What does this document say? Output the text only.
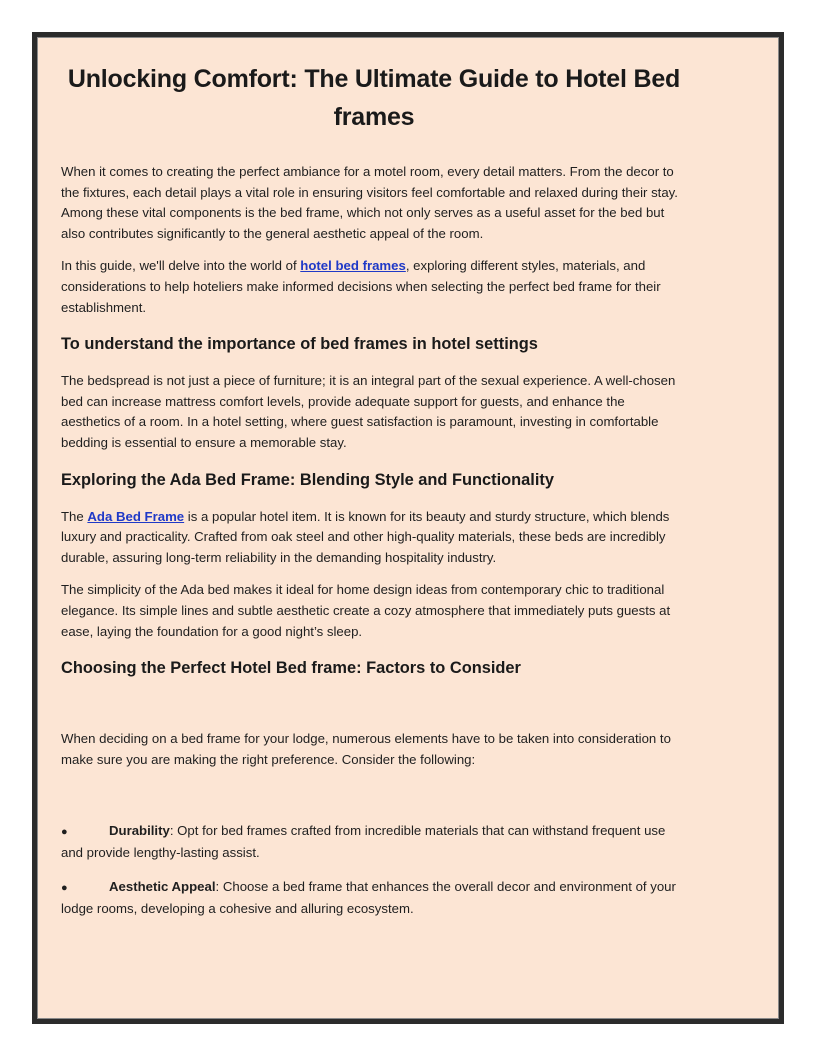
Unlocking Comfort: The Ultimate Guide to Hotel Bed frames

When it comes to creating the perfect ambiance for a motel room, every detail matters. From the decor to the fixtures, each detail plays a vital role in ensuring visitors feel comfortable and relaxed during their stay. Among these vital components is the bed frame, which not only serves as a useful asset for the bed but also contributes significantly to the general aesthetic appeal of the room.

In this guide, we'll delve into the world of hotel bed frames, exploring different styles, materials, and considerations to help hoteliers make informed decisions when selecting the perfect bed frame for their establishment.

To understand the importance of bed frames in hotel settings

The bedspread is not just a piece of furniture; it is an integral part of the sexual experience. A well-chosen bed can increase mattress comfort levels, provide adequate support for guests, and enhance the aesthetics of a room. In a hotel setting, where guest satisfaction is paramount, investing in comfortable bedding is essential to ensure a memorable stay.

Exploring the Ada Bed Frame: Blending Style and Functionality

The Ada Bed Frame is a popular hotel item. It is known for its beauty and sturdy structure, which blends luxury and practicality. Crafted from oak steel and other high-quality materials, these beds are incredibly durable, assuring long-term reliability in the demanding hospitality industry.

The simplicity of the Ada bed makes it ideal for home design ideas from contemporary chic to traditional elegance. Its simple lines and subtle aesthetic create a cozy atmosphere that immediately puts guests at ease, laying the foundation for a good night’s sleep.

Choosing the Perfect Hotel Bed frame: Factors to Consider

When deciding on a bed frame for your lodge, numerous elements have to be taken into consideration to make sure you are making the right preference. Consider the following:

●	Durability: Opt for bed frames crafted from incredible materials that can withstand frequent use and provide lengthy-lasting assist.

●	Aesthetic Appeal: Choose a bed frame that enhances the overall decor and environment of your lodge rooms, developing a cohesive and alluring ecosystem.
